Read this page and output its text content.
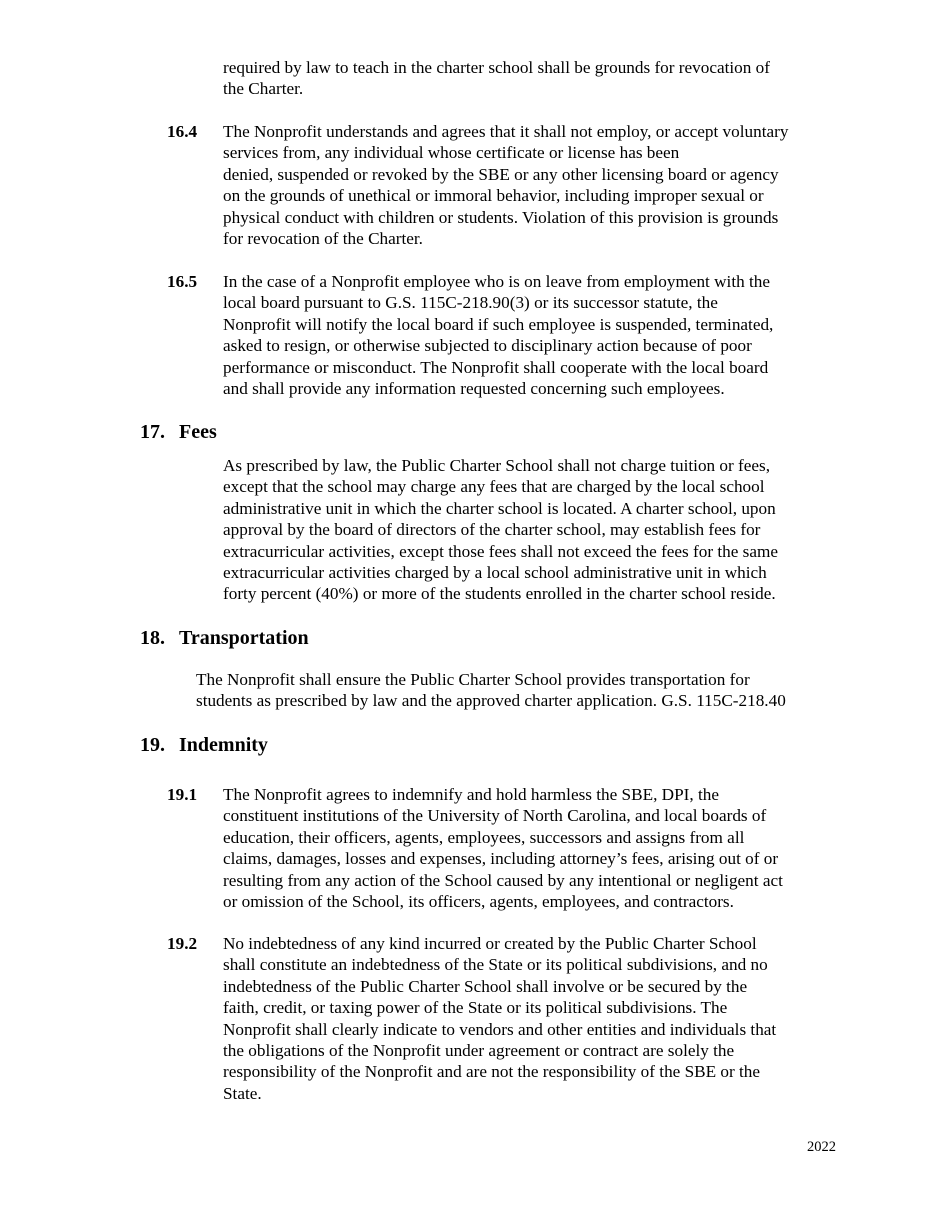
required by law to teach in the charter school shall be grounds for revocation of
the Charter.
16.4 The Nonprofit understands and agrees that it shall not employ, or accept voluntary
services from, any individual whose certificate or license has been
denied, suspended or revoked by the SBE or any other licensing board or agency
on the grounds of unethical or immoral behavior, including improper sexual or
physical conduct with children or students. Violation of this provision is grounds
for revocation of the Charter.
16.5 In the case of a Nonprofit employee who is on leave from employment with the
local board pursuant to G.S. 115C-218.90(3) or its successor statute, the
Nonprofit will notify the local board if such employee is suspended, terminated,
asked to resign, or otherwise subjected to disciplinary action because of poor
performance or misconduct. The Nonprofit shall cooperate with the local board
and shall provide any information requested concerning such employees.
17. Fees
As prescribed by law, the Public Charter School shall not charge tuition or fees,
except that the school may charge any fees that are charged by the local school
administrative unit in which the charter school is located. A charter school, upon
approval by the board of directors of the charter school, may establish fees for
extracurricular activities, except those fees shall not exceed the fees for the same
extracurricular activities charged by a local school administrative unit in which
forty percent (40%) or more of the students enrolled in the charter school reside.
18. Transportation
The Nonprofit shall ensure the Public Charter School provides transportation for
students as prescribed by law and the approved charter application. G.S. 115C-218.40
19. Indemnity
19.1 The Nonprofit agrees to indemnify and hold harmless the SBE, DPI, the
constituent institutions of the University of North Carolina, and local boards of
education, their officers, agents, employees, successors and assigns from all
claims, damages, losses and expenses, including attorney’s fees, arising out of or
resulting from any action of the School caused by any intentional or negligent act
or omission of the School, its officers, agents, employees, and contractors.
19.2 No indebtedness of any kind incurred or created by the Public Charter School
shall constitute an indebtedness of the State or its political subdivisions, and no
indebtedness of the Public Charter School shall involve or be secured by the
faith, credit, or taxing power of the State or its political subdivisions. The
Nonprofit shall clearly indicate to vendors and other entities and individuals that
the obligations of the Nonprofit under agreement or contract are solely the
responsibility of the Nonprofit and are not the responsibility of the SBE or the
State.
2022
